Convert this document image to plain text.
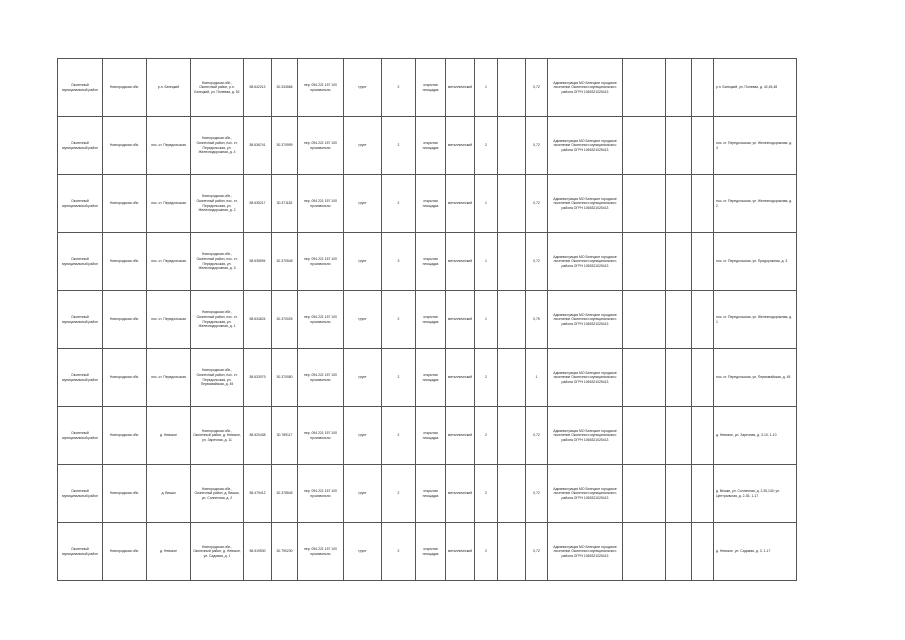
Оконечный муниципальный район	Новгородская обл.	р.п. Батецкий	Новгородская обл., Оконечный район, р.п. Батецкий, ул. Полевая, д. 52	58.642212	30.334566	пер. 094.221 157 100 произвольно	грунт	2	открытая площадка	металлический	1		0,72	Администрация МО Батецкое городское поселение Оконечного муниципального района ОГРН 1065321025413				р.п. Батецкий, ул. Полевая, д. 42,45,48
Оконечный муниципальный район	Новгородская обл.	пос. ст. Передольская	Новгородская обл., Оконечный район, пос. ст. Передольская, ул. Железнодорожная, д. 4	58.636741	30.370999	пер. 094.221 157 100 произвольно	грунт	2	открытая площадка	металлический	2		0,72	Администрация МО Батецкое городское поселение Оконечного муниципального района ОГРН 1065321025413				пос. ст. Передольская, ул. Железнодорожная, д. 4
Оконечный муниципальный район	Новгородская обл.	пос. ст. Передольская	Новгородская обл., Оконечный район, пос. ст. Передольская, ул. Железнодорожная, д. 2	58.635217	30.371182	пер. 094.221 157 100 произвольно	грунт	2	открытая площадка	металлический	1		0,72	Администрация МО Батецкое городское поселение Оконечного муниципального района ОГРН 1065321025413				пос. ст. Передольская, ул. Железнодорожная, д. 2
Оконечный муниципальный район	Новгородская обл.	пос. ст. Передольская	Новгородская обл., Оконечный район, пос. ст. Передольская, ул. Железнодорожная, д. 3	58.635594	30.370548	пер. 094.221 157 100 произвольно	грунт	3	открытая площадка	металлический	1		0,72	Администрация МО Батецкое городское поселение Оконечного муниципального района ОГРН 1065321025413				пос. ст. Передольская, ул. Придорожная, д. 3
Оконечный муниципальный район	Новгородская обл.	пос. ст. Передольская	Новгородская обл., Оконечный район, пос. ст. Передольская, ул. Железнодорожная, д. 1	58.634624	30.370025	пер. 094.221 157 100 произвольно	грунт	2	открытая площадка	металлический	1		0,75	Администрация МО Батецкое городское поселение Оконечного муниципального района ОГРН 1065321025413				пос. ст. Передольская, ул. Железнодорожная, д. 1
Оконечный муниципальный район	Новгородская обл.	пос. ст. Передольская	Новгородская обл., Оконечный район, пос. ст. Передольская, ул. Первомайская, д. 45	58.633079	30.370080	пер. 094.221 157 100 произвольно	грунт	2	открытая площадка	металлический	2		1	Администрация МО Батецкое городское поселение Оконечного муниципального района ОГРН 1065321025413				пос. ст. Передольская, ул. Первомайская, д. 45
Оконечный муниципальный район	Новгородская обл.	д. Невское	Новгородская обл., Оконечный район, д. Невское, ул. Заречная, д. 11	58.520438	30.789117	пер. 094.221 157 100 произвольно	грунт	2	открытая площадка	металлический	2		0,72	Администрация МО Батецкое городское поселение Оконечного муниципального района ОГРН 1065321025413				д. Невское, ул. Заречная, д. 3-10, 1-10
Оконечный муниципальный район	Новгородская обл.	д. Вешки	Новгородская обл., Оконечный район, д. Вешки, ул. Солнечная, д. 2	58.479412	30.378545	пер. 094.221 157 100 произвольно	грунт	2	открытая площадка	металлический	2		0,72	Администрация МО Батецкое городское поселение Оконечного муниципального района ОГРН 1065321025413				д. Вешки, ул. Солнечная, д. 2,35,140; ул. Центральная, д. 2-35, 1-17
Оконечный муниципальный район	Новгородская обл.	д. Невское	Новгородская обл., Оконечный район, д. Невское, ул. Садовая, д. 1	58.519530	30.790230	пер. 094.221 157 100 произвольно	грунт	2	открытая площадка	металлический	2		0,72	Администрация МО Батецкое городское поселение Оконечного муниципального района ОГРН 1065321025413				д. Невское, ул. Садовая, д. 3, 1-17
